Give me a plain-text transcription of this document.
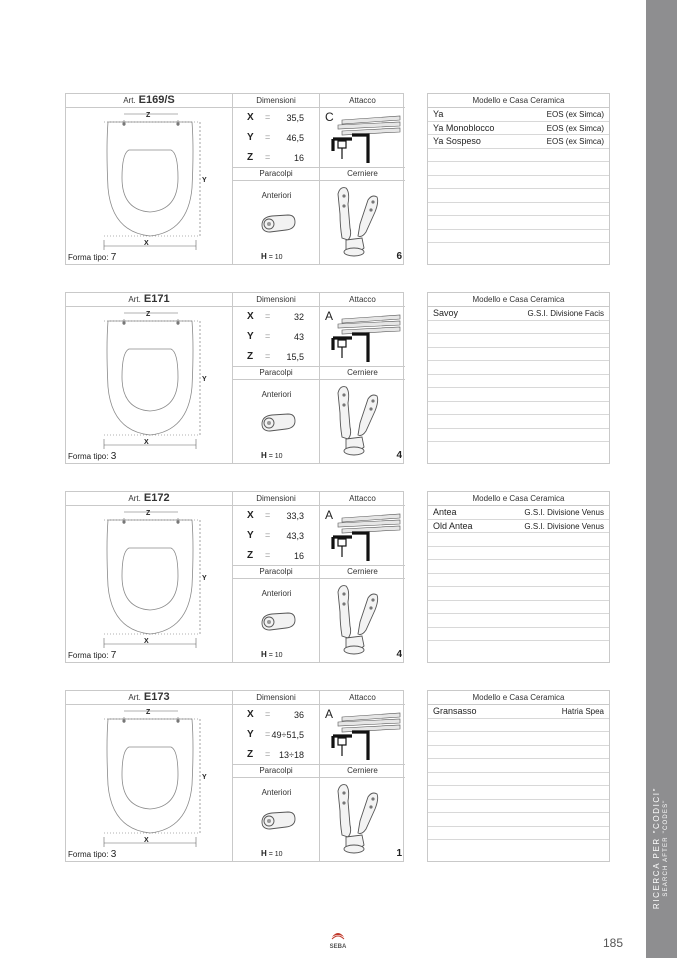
RICERCA PER "CODICI" SEARCH AFTER "CODES"
Art. E169/S	Dimensioni	Attacco
Z
X
Y
Forma tipo: 7
X = 35,5
Y = 46,5
Z =	16
C
Paracolpi	Cerniere
Anteriori
H = 10	6
Modello e Casa Ceramica
Ya	EOS (ex Simca)
Ya Monoblocco	EOS (ex Simca)
Ya Sospeso	EOS (ex Simca)
Art. E171	Dimensioni	Attacco
Z
X
Y
Forma tipo: 3
X =	32
Y =	43
Z = 15,5
A
Paracolpi	Cerniere
Anteriori
H = 10	4
Modello e Casa Ceramica
Savoy	G.S.I. Divisione Facis
Art. E172	Dimensioni	Attacco
Z
X
Y
Forma tipo: 7
X = 33,3
Y = 43,3
Z =	16
A
Paracolpi	Cerniere
Anteriori
H = 10	4
Modello e Casa Ceramica
Antea	G.S.I. Divisione Venus
Old Antea	G.S.I. Divisione Venus
Art. E173	Dimensioni	Attacco
Z
X
Y
Forma tipo: 3
X =	36
Y = 49÷51,5
Z = 13÷18
A
Paracolpi	Cerniere
Anteriori
H = 10	1
Modello e Casa Ceramica
Gransasso	Hatria Spea
SEBA	185
